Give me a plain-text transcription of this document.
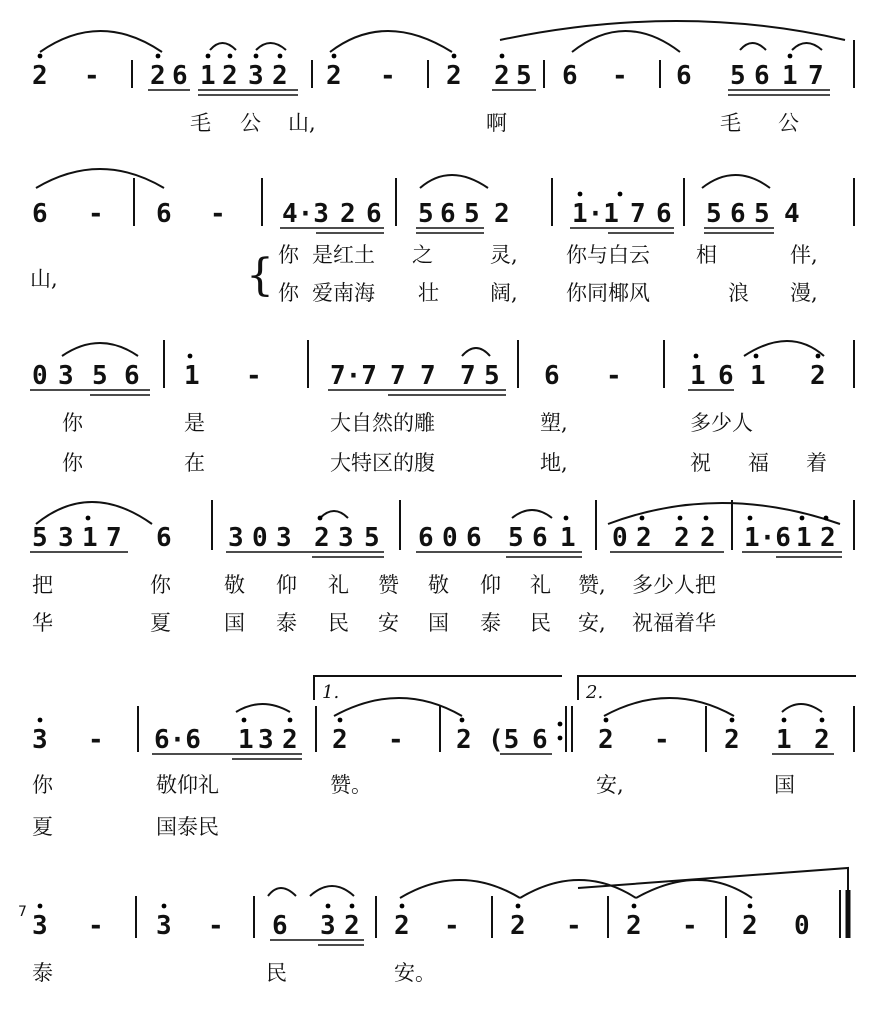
2 - 2 6 1 2 3 2 2 - 2 2 5 6 - 6 5 6 1 7
毛 公 山,	啊	毛 公
6 - 6 - 4·3 2 6 5 6 5 2 1·1 7 6 5 6 5 4
山,	{ 你 是红土 之	灵, 你与白云 相	伴,
你 爱南海 壮 阔, 你同椰风	浪 漫,
0 3 5 6 1 -	7·7 7 7 7 5 6 -	1 6 1 2
你	是	大自然的雕	塑,	多少人
你	在	大特区的腹	地,	祝 福 着
5 3 1 7 6 3 0 3 2 3 5 6 0 6 5 6 1 0 2 2 2 1·6 1 2
把	你	敬 仰 礼 赞 敬 仰 礼 赞, 多少人把
华	夏	国 泰 民 安 国 泰 民 安, 祝福着华
1.	2.
3 - 6·6 1 3 2 2 - 2 (5 6 2 - 2 1 2
你	敬仰礼	赞。	安,	国
夏	国泰民
7 3 - 3 - 6 3 2 2 - 2 - 2 - 2 0
泰	民	安。
